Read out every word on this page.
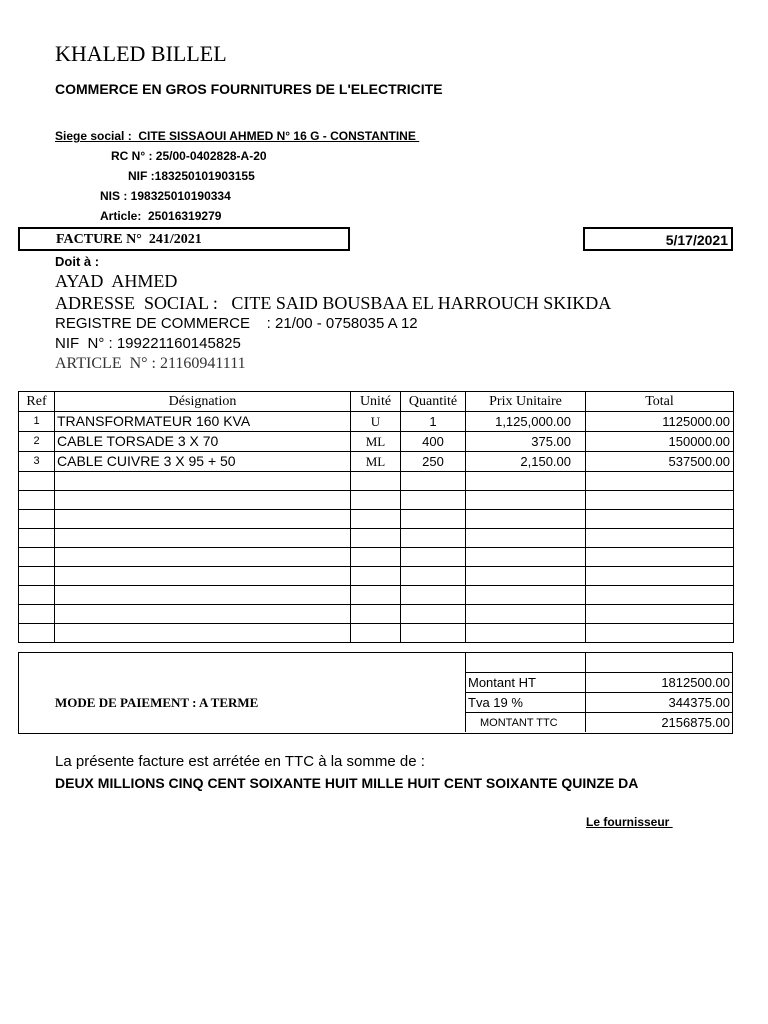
KHALED BILLEL
COMMERCE EN GROS FOURNITURES DE L'ELECTRICITE
Siege social :  CITE SISSAOUI AHMED N° 16 G - CONSTANTINE
RC N° : 25/00-0402828-A-20
NIF :183250101903155
NIS : 198325010190334
Article:  25016319279
FACTURE N°  241/2021	5/17/2021
Doit à :
AYAD  AHMED
ADRESSE  SOCIAL :   CITE SAID BOUSBAA EL HARROUCH SKIKDA
REGISTRE DE COMMERCE    : 21/00 - 0758035 A 12
NIF  N° : 199221160145825
ARTICLE  N° : 21160941111
Ref	Désignation	Unité	Quantité	Prix Unitaire	Total
1	TRANSFORMATEUR 160 KVA	U	1	1,125,000.00	1125000.00
2	CABLE TORSADE 3 X 70	ML	400	375.00	150000.00
3	CABLE CUIVRE 3 X 95 + 50	ML	250	2,150.00	537500.00

Montant HT	1812500.00
Tva 19 %	344375.00
MONTANT TTC	2156875.00
MODE DE PAIEMENT : A TERME
La présente facture est arrétée en TTC à la somme de :
DEUX MILLIONS CINQ CENT SOIXANTE HUIT MILLE HUIT CENT SOIXANTE QUINZE DA
Le fournisseur
